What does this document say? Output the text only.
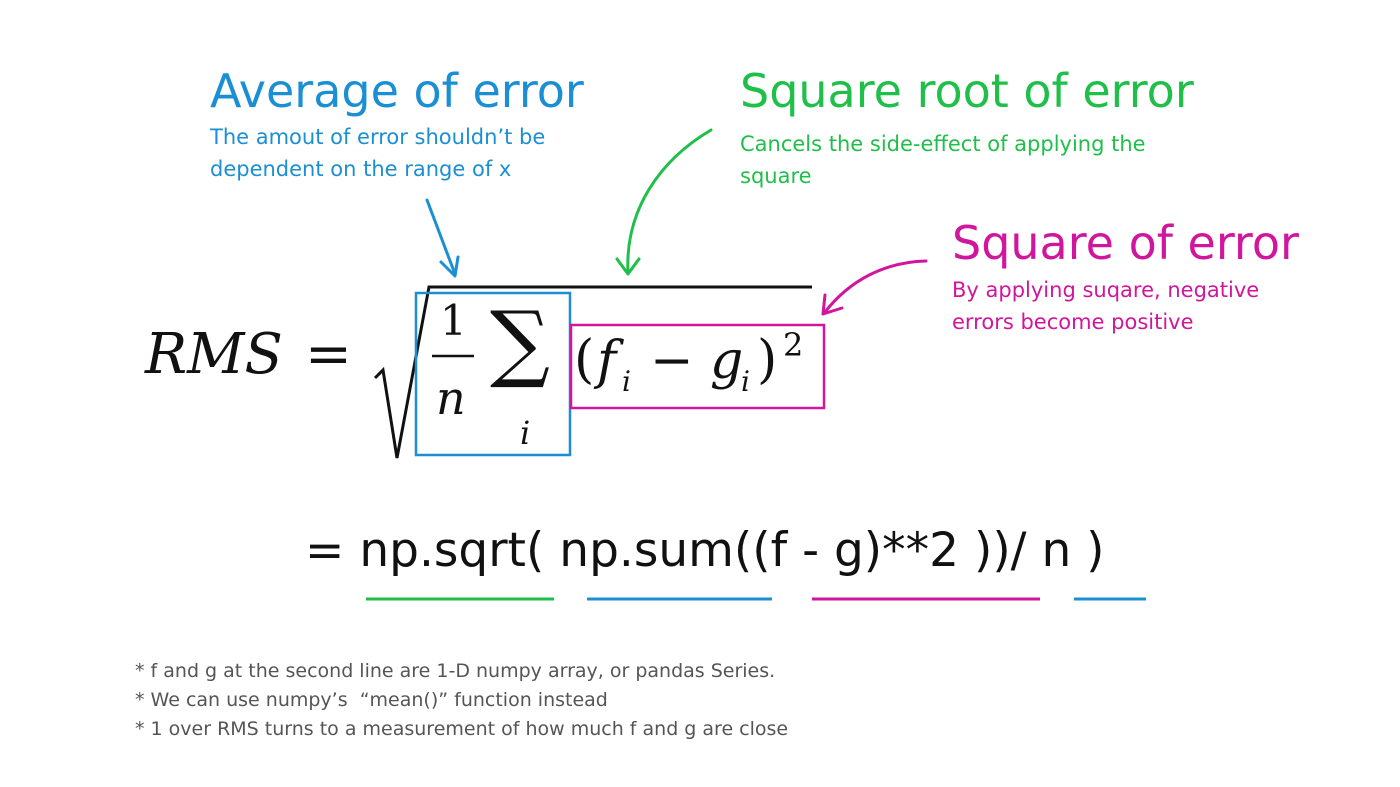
Average of error
The amout of error shouldn’t be
dependent on the range of x
Square root of error
Cancels the side-effect of applying the
square
Square of error
By applying suqare, negative
errors become positive
RMS =
1
n
∑
i
( f i − g
i ) 2
= np.sqrt( np.sum((f - g)**2 ))/ n )
* f and g at the second line are 1-D numpy array, or pandas Series.
* We can use numpy’s  “mean()” function instead
* 1 over RMS turns to a measurement of how much f and g are close
